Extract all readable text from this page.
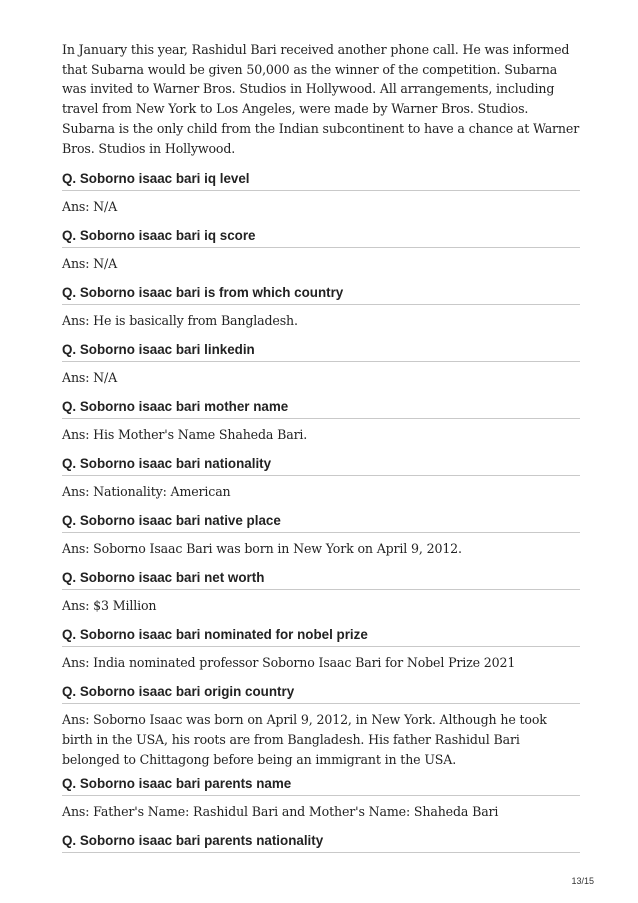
In January this year, Rashidul Bari received another phone call. He was informed that Subarna would be given 50,000 as the winner of the competition. Subarna was invited to Warner Bros. Studios in Hollywood. All arrangements, including travel from New York to Los Angeles, were made by Warner Bros. Studios. Subarna is the only child from the Indian subcontinent to have a chance at Warner Bros. Studios in Hollywood.

Q. Soborno isaac bari iq level

Ans: N/A

Q. Soborno isaac bari iq score

Ans: N/A

Q. Soborno isaac bari is from which country

Ans: He is basically from Bangladesh.

Q. Soborno isaac bari linkedin

Ans: N/A

Q. Soborno isaac bari mother name

Ans: His Mother's Name Shaheda Bari.

Q. Soborno isaac bari nationality

Ans: Nationality: American

Q. Soborno isaac bari native place

Ans: Soborno Isaac Bari was born in New York on April 9, 2012.

Q. Soborno isaac bari net worth

Ans: $3 Million

Q. Soborno isaac bari nominated for nobel prize

Ans: India nominated professor Soborno Isaac Bari for Nobel Prize 2021

Q. Soborno isaac bari origin country

Ans: Soborno Isaac was born on April 9, 2012, in New York. Although he took birth in the USA, his roots are from Bangladesh. His father Rashidul Bari belonged to Chittagong before being an immigrant in the USA.

Q. Soborno isaac bari parents name

Ans: Father's Name: Rashidul Bari and Mother's Name: Shaheda Bari

Q. Soborno isaac bari parents nationality

13/15
